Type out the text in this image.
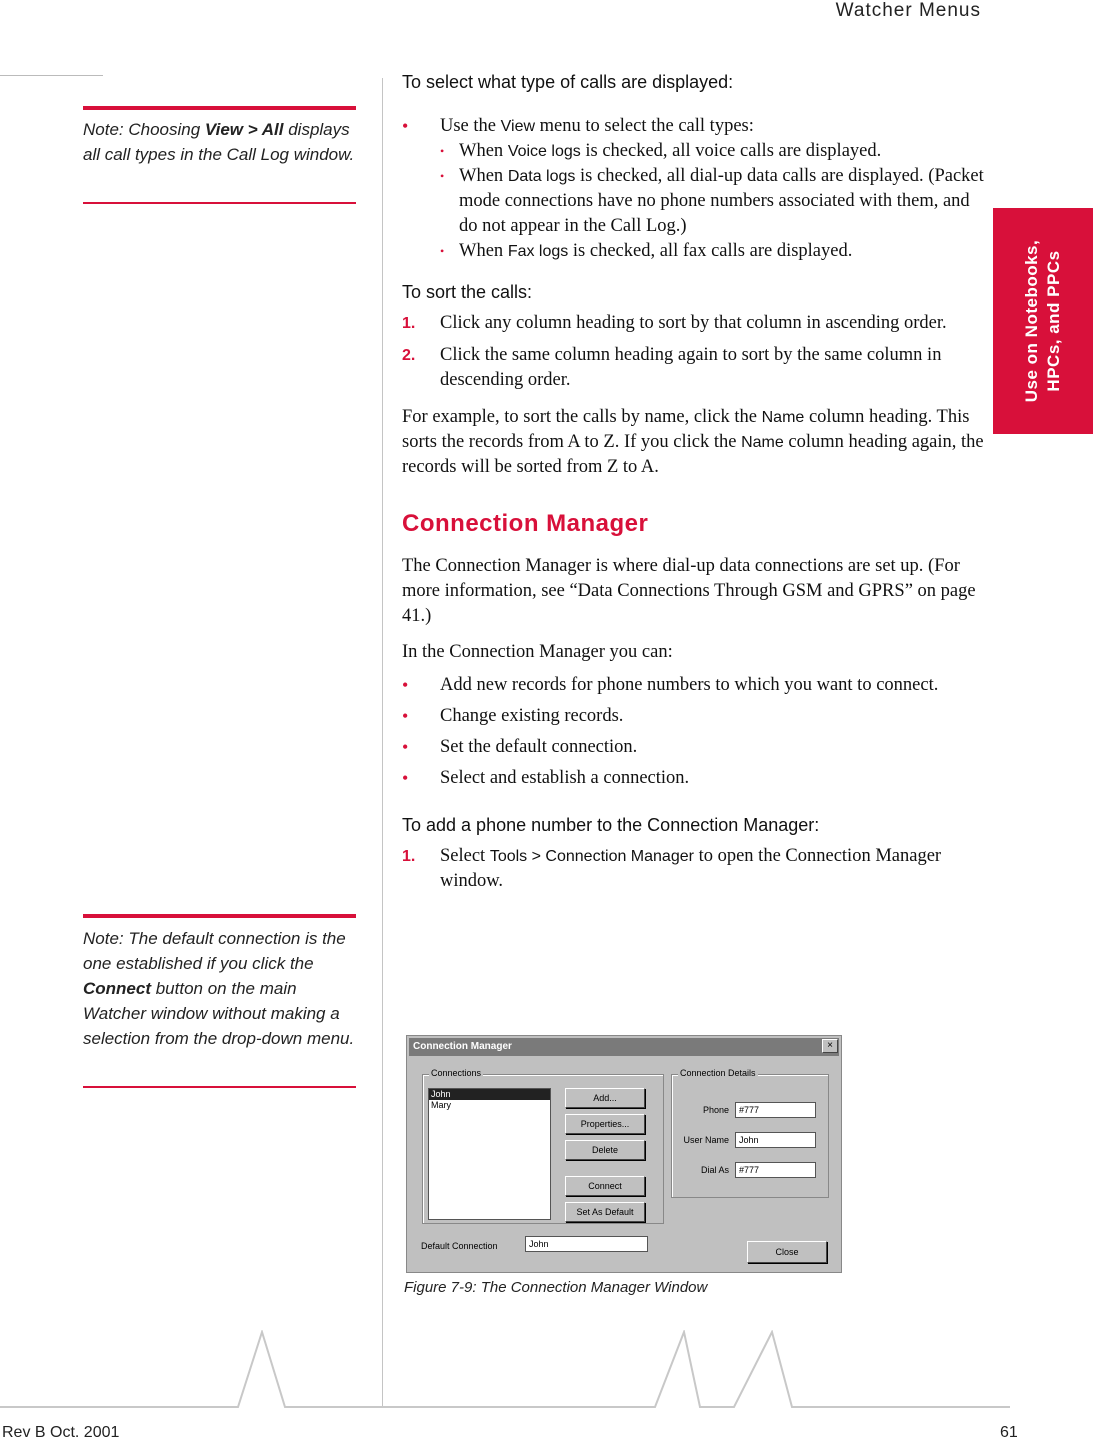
Watcher Menus
Use on Notebooks, HPCs, and PPCs
Note: Choosing View > All displays all call types in the Call Log window.
Note: The default connection is the one established if you click the Connect button on the main Watcher window without making a selection from the drop-down menu.

To select what type of calls are displayed:

• Use the View menu to select the call types:
• When Voice logs is checked, all voice calls are displayed.
• When Data logs is checked, all dial-up data calls are displayed. (Packet mode connections have no phone numbers associated with them, and do not appear in the Call Log.)
• When Fax logs is checked, all fax calls are displayed.

To sort the calls:

1. Click any column heading to sort by that column in ascending order.
2. Click the same column heading again to sort by the same column in descending order.

For example, to sort the calls by name, click the Name column heading. This sorts the records from A to Z. If you click the Name column heading again, the records will be sorted from Z to A.

Connection Manager

The Connection Manager is where dial-up data connections are set up. (For more information, see “Data Connections Through GSM and GPRS” on page 41.)

In the Connection Manager you can:

• Add new records for phone numbers to which you want to connect.
• Change existing records.
• Set the default connection.
• Select and establish a connection.

To add a phone number to the Connection Manager:

1. Select Tools > Connection Manager to open the Connection Manager window.
Connection Manager	×
Connections
John
Mary
Add...
Properties...
Delete
Connect
Set As Default
Connection Details
Phone	#777
User Name	John
Dial As	#777
Default Connection	John
Close
Figure 7-9: The Connection Manager Window
Rev B Oct. 2001	61
